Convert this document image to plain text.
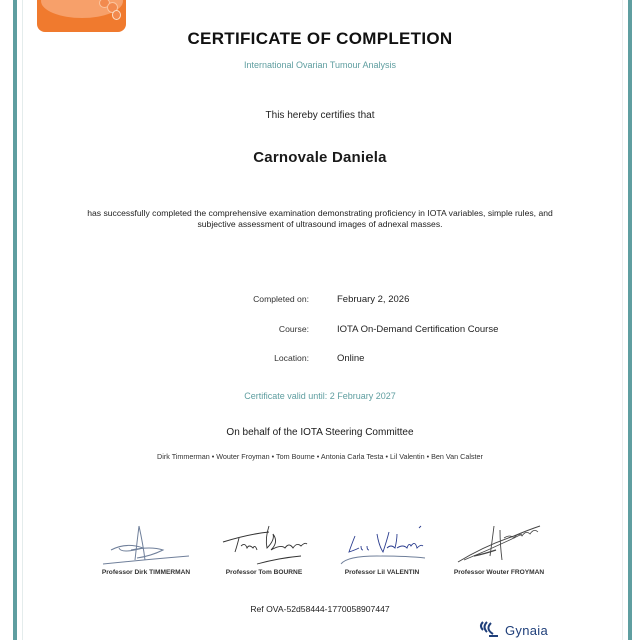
CERTIFICATE OF COMPLETION
International Ovarian Tumour Analysis
This hereby certifies that
Carnovale Daniela
has successfully completed the comprehensive examination demonstrating proficiency in IOTA variables, simple rules, and
subjective assessment of ultrasound images of adnexal masses.
Completed on:	February 2, 2026
Course:	IOTA On-Demand Certification Course
Location:	Online
Certificate valid until: 2 February 2027
On behalf of the IOTA Steering Committee
Dirk Timmerman • Wouter Froyman • Tom Bourne • Antonia Carla Testa • Lil Valentin • Ben Van Calster
Professor Dirk TIMMERMAN	Professor Tom BOURNE	Professor Lil VALENTIN	Professor Wouter FROYMAN
Ref OVA-52d58444-1770058907447
Gynaia
